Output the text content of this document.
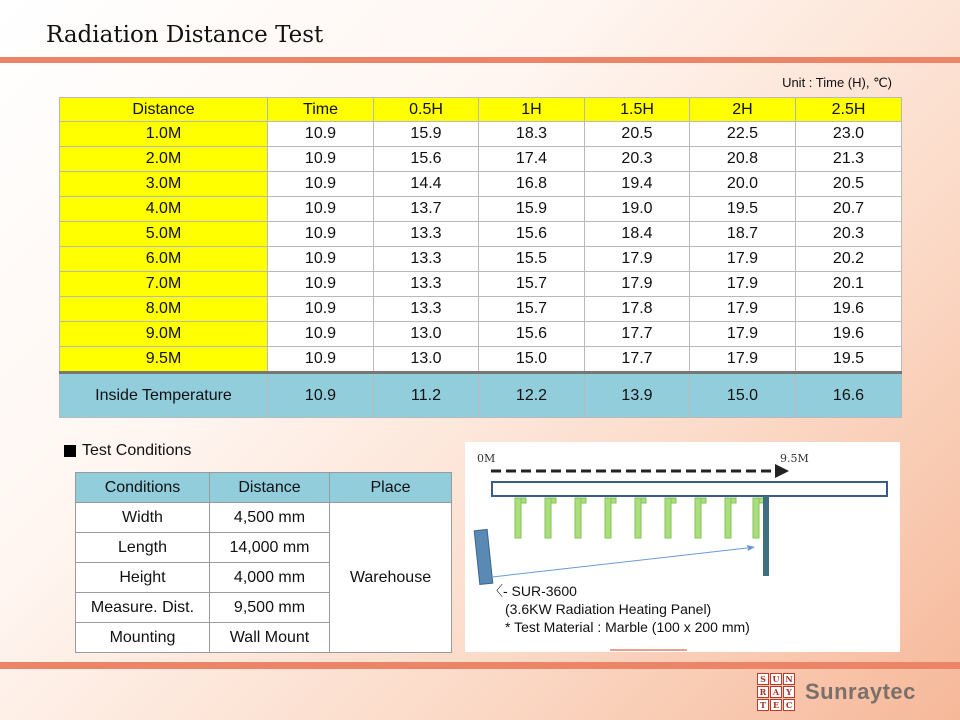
Radiation Distance Test
Unit : Time (H), ℃)
Distance	Time	0.5H	1H	1.5H	2H	2.5H
1.0M	10.9	15.9	18.3	20.5	22.5	23.0
2.0M	10.9	15.6	17.4	20.3	20.8	21.3
3.0M	10.9	14.4	16.8	19.4	20.0	20.5
4.0M	10.9	13.7	15.9	19.0	19.5	20.7
5.0M	10.9	13.3	15.6	18.4	18.7	20.3
6.0M	10.9	13.3	15.5	17.9	17.9	20.2
7.0M	10.9	13.3	15.7	17.9	17.9	20.1
8.0M	10.9	13.3	15.7	17.8	17.9	19.6
9.0M	10.9	13.0	15.6	17.7	17.9	19.6
9.5M	10.9	13.0	15.0	17.7	17.9	19.5
Inside Temperature	10.9	11.2	12.2	13.9	15.0	16.6
Test Conditions
Conditions	Distance	Place
Width	4,500 mm	Warehouse
Length	14,000 mm	
Height	4,000 mm	
Measure. Dist.	9,500 mm	
Mounting	Wall Mount	
0M	9.5M
〈- SUR-3600
(3.6KW Radiation Heating Panel)
* Test Material : Marble (100 x 200 mm)
S U N
R A Y
T E C
Sunraytec
